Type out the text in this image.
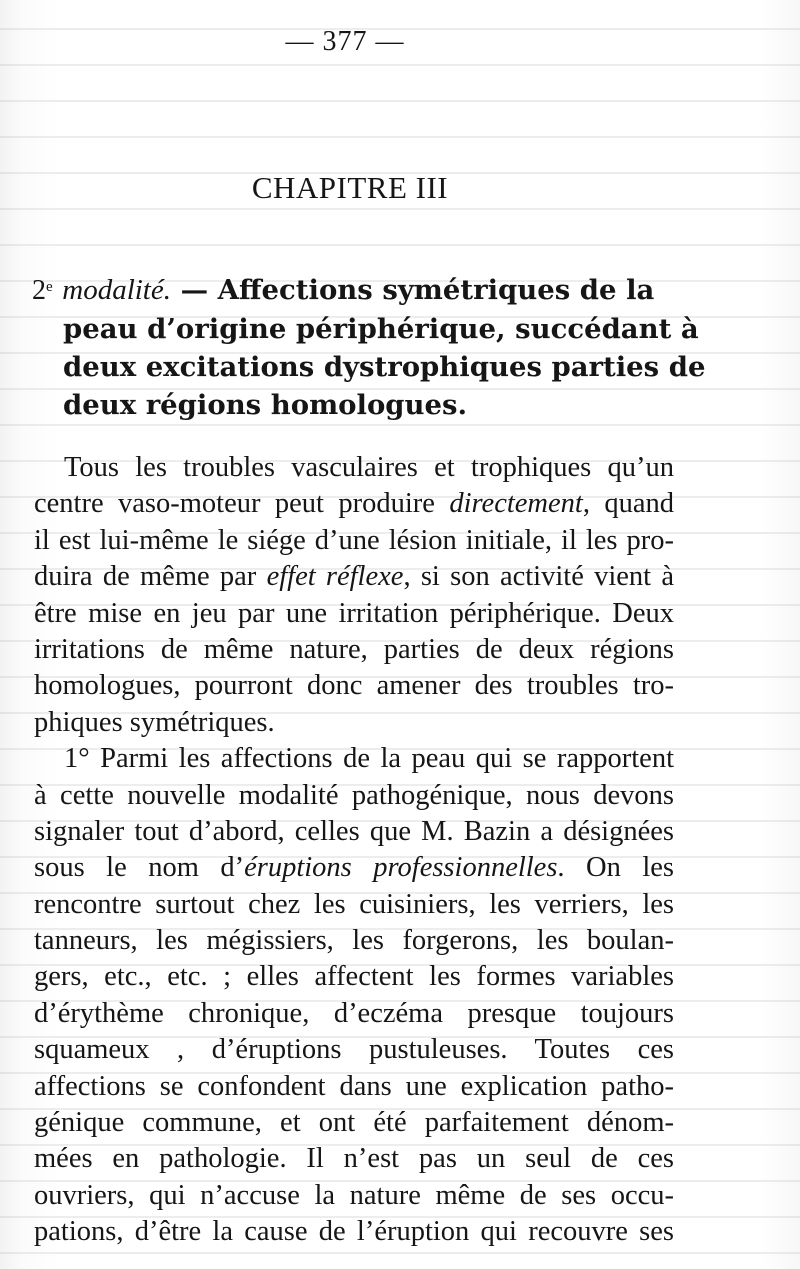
— 377 —
CHAPITRE III
2e modalité. — Affections symétriques de la
peau d’origine périphérique, succédant à
deux excitations dystrophiques parties de
deux régions homologues.
Tous les troubles vasculaires et trophiques qu’un
centre vaso-moteur peut produire directement, quand
il est lui-même le siége d’une lésion initiale, il les pro-
duira de même par effet réflexe, si son activité vient à
être mise en jeu par une irritation périphérique. Deux
irritations de même nature, parties de deux régions
homologues, pourront donc amener des troubles tro-
phiques symétriques.
1° Parmi les affections de la peau qui se rapportent
à cette nouvelle modalité pathogénique, nous devons
signaler tout d’abord, celles que M. Bazin a désignées
sous le nom d’éruptions professionnelles. On les
rencontre surtout chez les cuisiniers, les verriers, les
tanneurs, les mégissiers, les forgerons, les boulan-
gers, etc., etc. ; elles affectent les formes variables
d’érythème chronique, d’eczéma presque toujours
squameux , d’éruptions pustuleuses. Toutes ces
affections se confondent dans une explication patho-
génique commune, et ont été parfaitement dénom-
mées en pathologie. Il n’est pas un seul de ces
ouvriers, qui n’accuse la nature même de ses occu-
pations, d’être la cause de l’éruption qui recouvre ses
